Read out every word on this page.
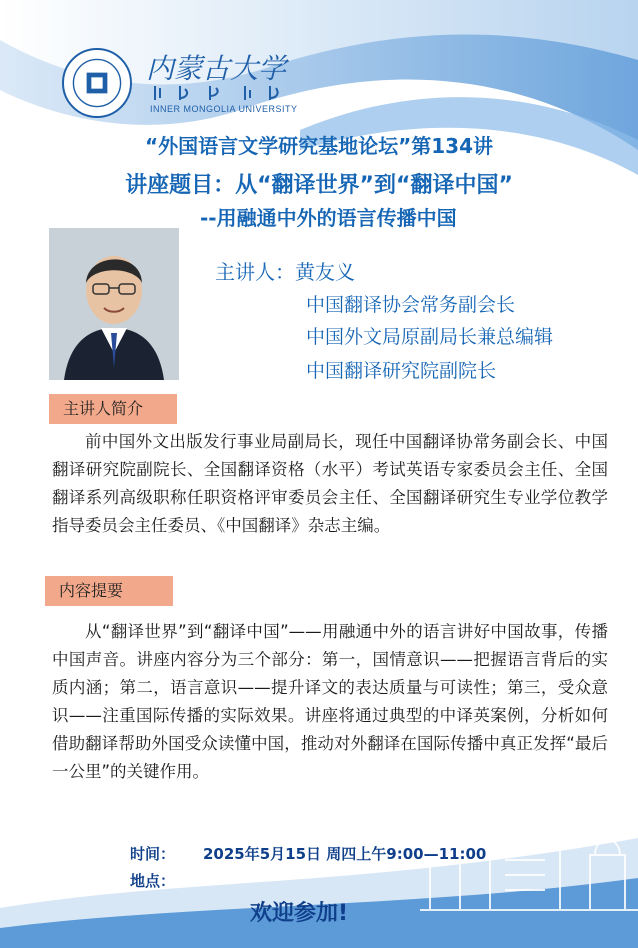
内蒙古大学
INNER MONGOLIA UNIVERSITY
“外国语言文学研究基地论坛”第134讲
讲座题目：从“翻译世界”到“翻译中国”
--用融通中外的语言传播中国
主讲人：黄友义
中国翻译协会常务副会长
中国外文局原副局长兼总编辑
中国翻译研究院副院长
主讲人简介
前中国外文出版发行事业局副局长，现任中国翻译协常务副会长、中国翻译研究院副院长、全国翻译资格（水平）考试英语专家委员会主任、全国翻译系列高级职称任职资格评审委员会主任、全国翻译研究生专业学位教学指导委员会主任委员、《中国翻译》杂志主编。
内容提要
从“翻译世界”到“翻译中国”——用融通中外的语言讲好中国故事，传播中国声音。讲座内容分为三个部分：第一，国情意识——把握语言背后的实质内涵；第二，语言意识——提升译文的表达质量与可读性；第三，受众意识——注重国际传播的实际效果。讲座将通过典型的中译英案例，分析如何借助翻译帮助外国受众读懂中国，推动对外翻译在国际传播中真正发挥“最后一公里”的关键作用。
时间： 2025年5月15日 周四上午9:00—11:00
地点：
欢迎参加!
